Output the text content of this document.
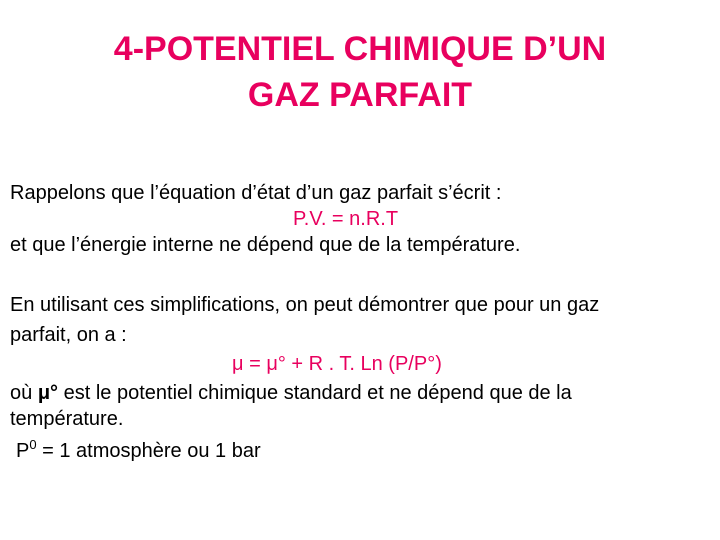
4-POTENTIEL CHIMIQUE D’UN
GAZ PARFAIT
Rappelons que l’équation d’état d’un gaz parfait s’écrit :
P.V. = n.R.T
et que l’énergie interne ne dépend que de la température.
En utilisant ces simplifications, on peut démontrer que pour un gaz
parfait, on a :
μ = μ° + R . T. Ln (P/P°)
où μ° est le potentiel chimique standard et ne dépend que de la
température.
$P^0 = 1$ atmosphère ou 1 bar
